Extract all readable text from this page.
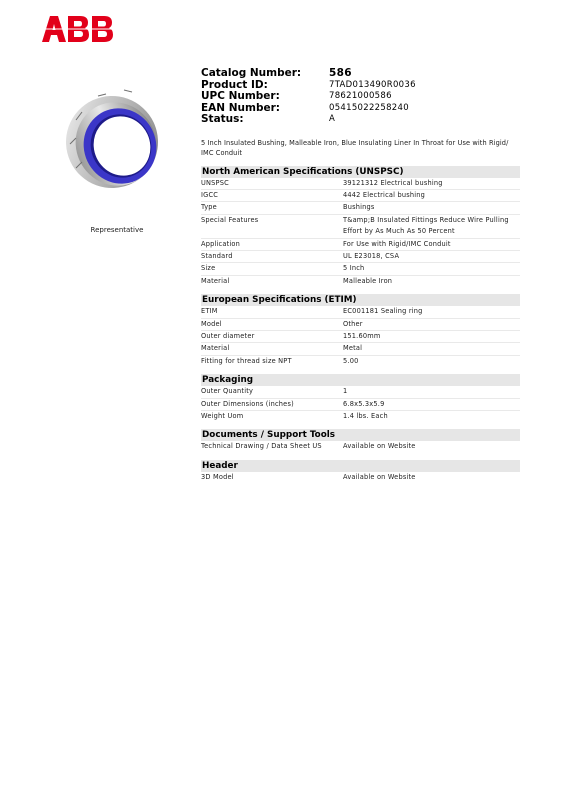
Representative
Catalog Number:	586
Product ID:	7TAD013490R0036
UPC Number:	78621000586
EAN Number:	05415022258240
Status:	A
5 Inch Insulated Bushing, Malleable Iron, Blue Insulating Liner In Throat for Use with Rigid/ IMC Conduit
North American Specifications (UNSPSC)
UNSPSC	39121312 Electrical bushing
IGCC	4442 Electrical bushing
Type	Bushings
Special Features	T&amp;B Insulated Fittings Reduce Wire Pulling Effort by As Much As 50 Percent
Application	For Use with Rigid/IMC Conduit
Standard	UL E23018, CSA
Size	5 Inch
Material	Malleable Iron
European Specifications (ETIM)
ETIM	EC001181 Sealing ring
Model	Other
Outer diameter	151.60mm
Material	Metal
Fitting for thread size NPT	5.00
Packaging
Outer Quantity	1
Outer Dimensions (inches)	6.8x5.3x5.9
Weight Uom	1.4 lbs. Each
Documents / Support Tools
Technical Drawing / Data Sheet US	Available on Website
Header
3D Model	Available on Website
